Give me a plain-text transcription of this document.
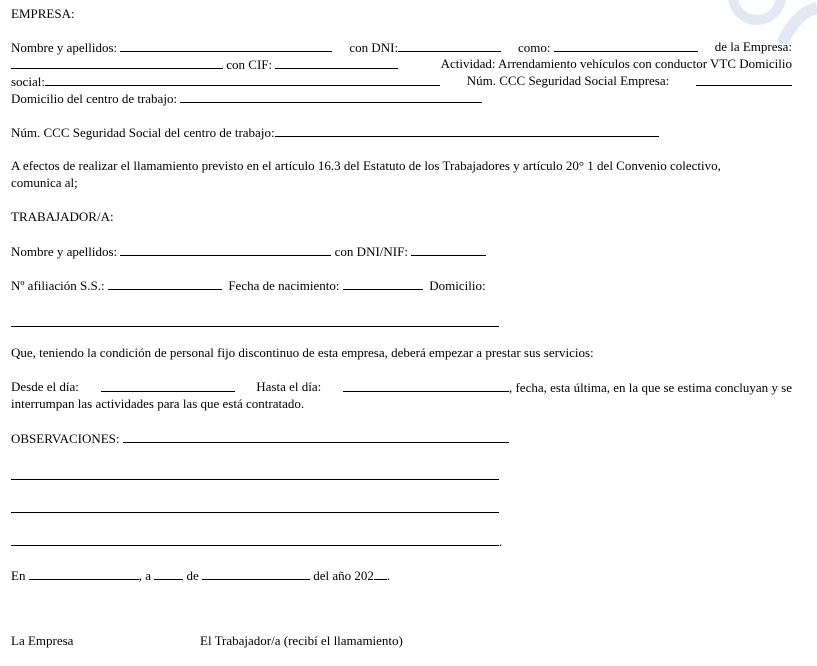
EMPRESA:
Nombre y apellidos:	con DNI:	como:	de la Empresa:
con CIF:	Actividad: Arrendamiento vehículos con conductor VTC Domicilio
social:	Núm. CCC Seguridad Social Empresa:
Domicilio del centro de trabajo:
Núm. CCC Seguridad Social del centro de trabajo:
A efectos de realizar el llamamiento previsto en el artículo 16.3 del Estatuto de los Trabajadores y artículo 20° 1 del Convenio colectivo,
comunica al;
TRABAJADOR/A:
Nombre y apellidos:	con DNI/NIF:
Nº afiliación S.S.:	Fecha de nacimiento:	Domicilio:
Que, teniendo la condición de personal fijo discontinuo de esta empresa, deberá empezar a prestar sus servicios:
Desde el día:	Hasta el día:	, fecha, esta última, en la que se estima concluyan y se
interrumpan las actividades para las que está contratado.
OBSERVACIONES:
.
En	, a	de	del año 202 .
La Empresa	El Trabajador/a (recibí el llamamiento)
